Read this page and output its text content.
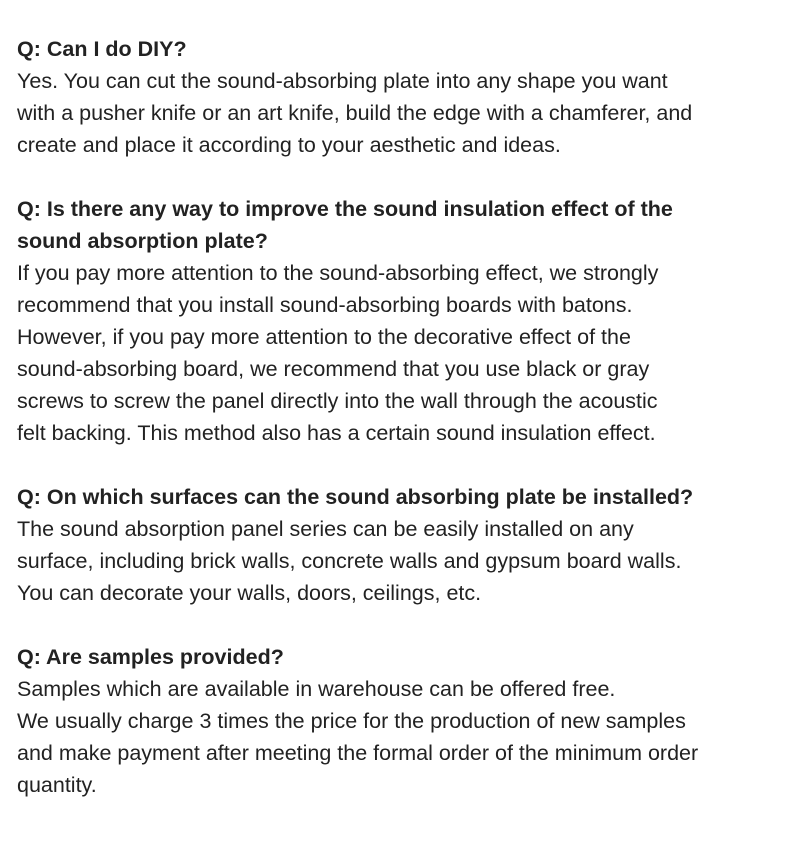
Q: Can I do DIY?
Yes. You can cut the sound-absorbing plate into any shape you want
with a pusher knife or an art knife, build the edge with a chamferer, and
create and place it according to your aesthetic and ideas.
Q: Is there any way to improve the sound insulation effect of the
sound absorption plate?
If you pay more attention to the sound-absorbing effect, we strongly
recommend that you install sound-absorbing boards with batons.
However, if you pay more attention to the decorative effect of the
sound-absorbing board, we recommend that you use black or gray
screws to screw the panel directly into the wall through the acoustic
felt backing. This method also has a certain sound insulation effect.
Q: On which surfaces can the sound absorbing plate be installed?
The sound absorption panel series can be easily installed on any
surface, including brick walls, concrete walls and gypsum board walls.
You can decorate your walls, doors, ceilings, etc.
Q: Are samples provided?
Samples which are available in warehouse can be offered free.
We usually charge 3 times the price for the production of new samples
and make payment after meeting the formal order of the minimum order
quantity.
